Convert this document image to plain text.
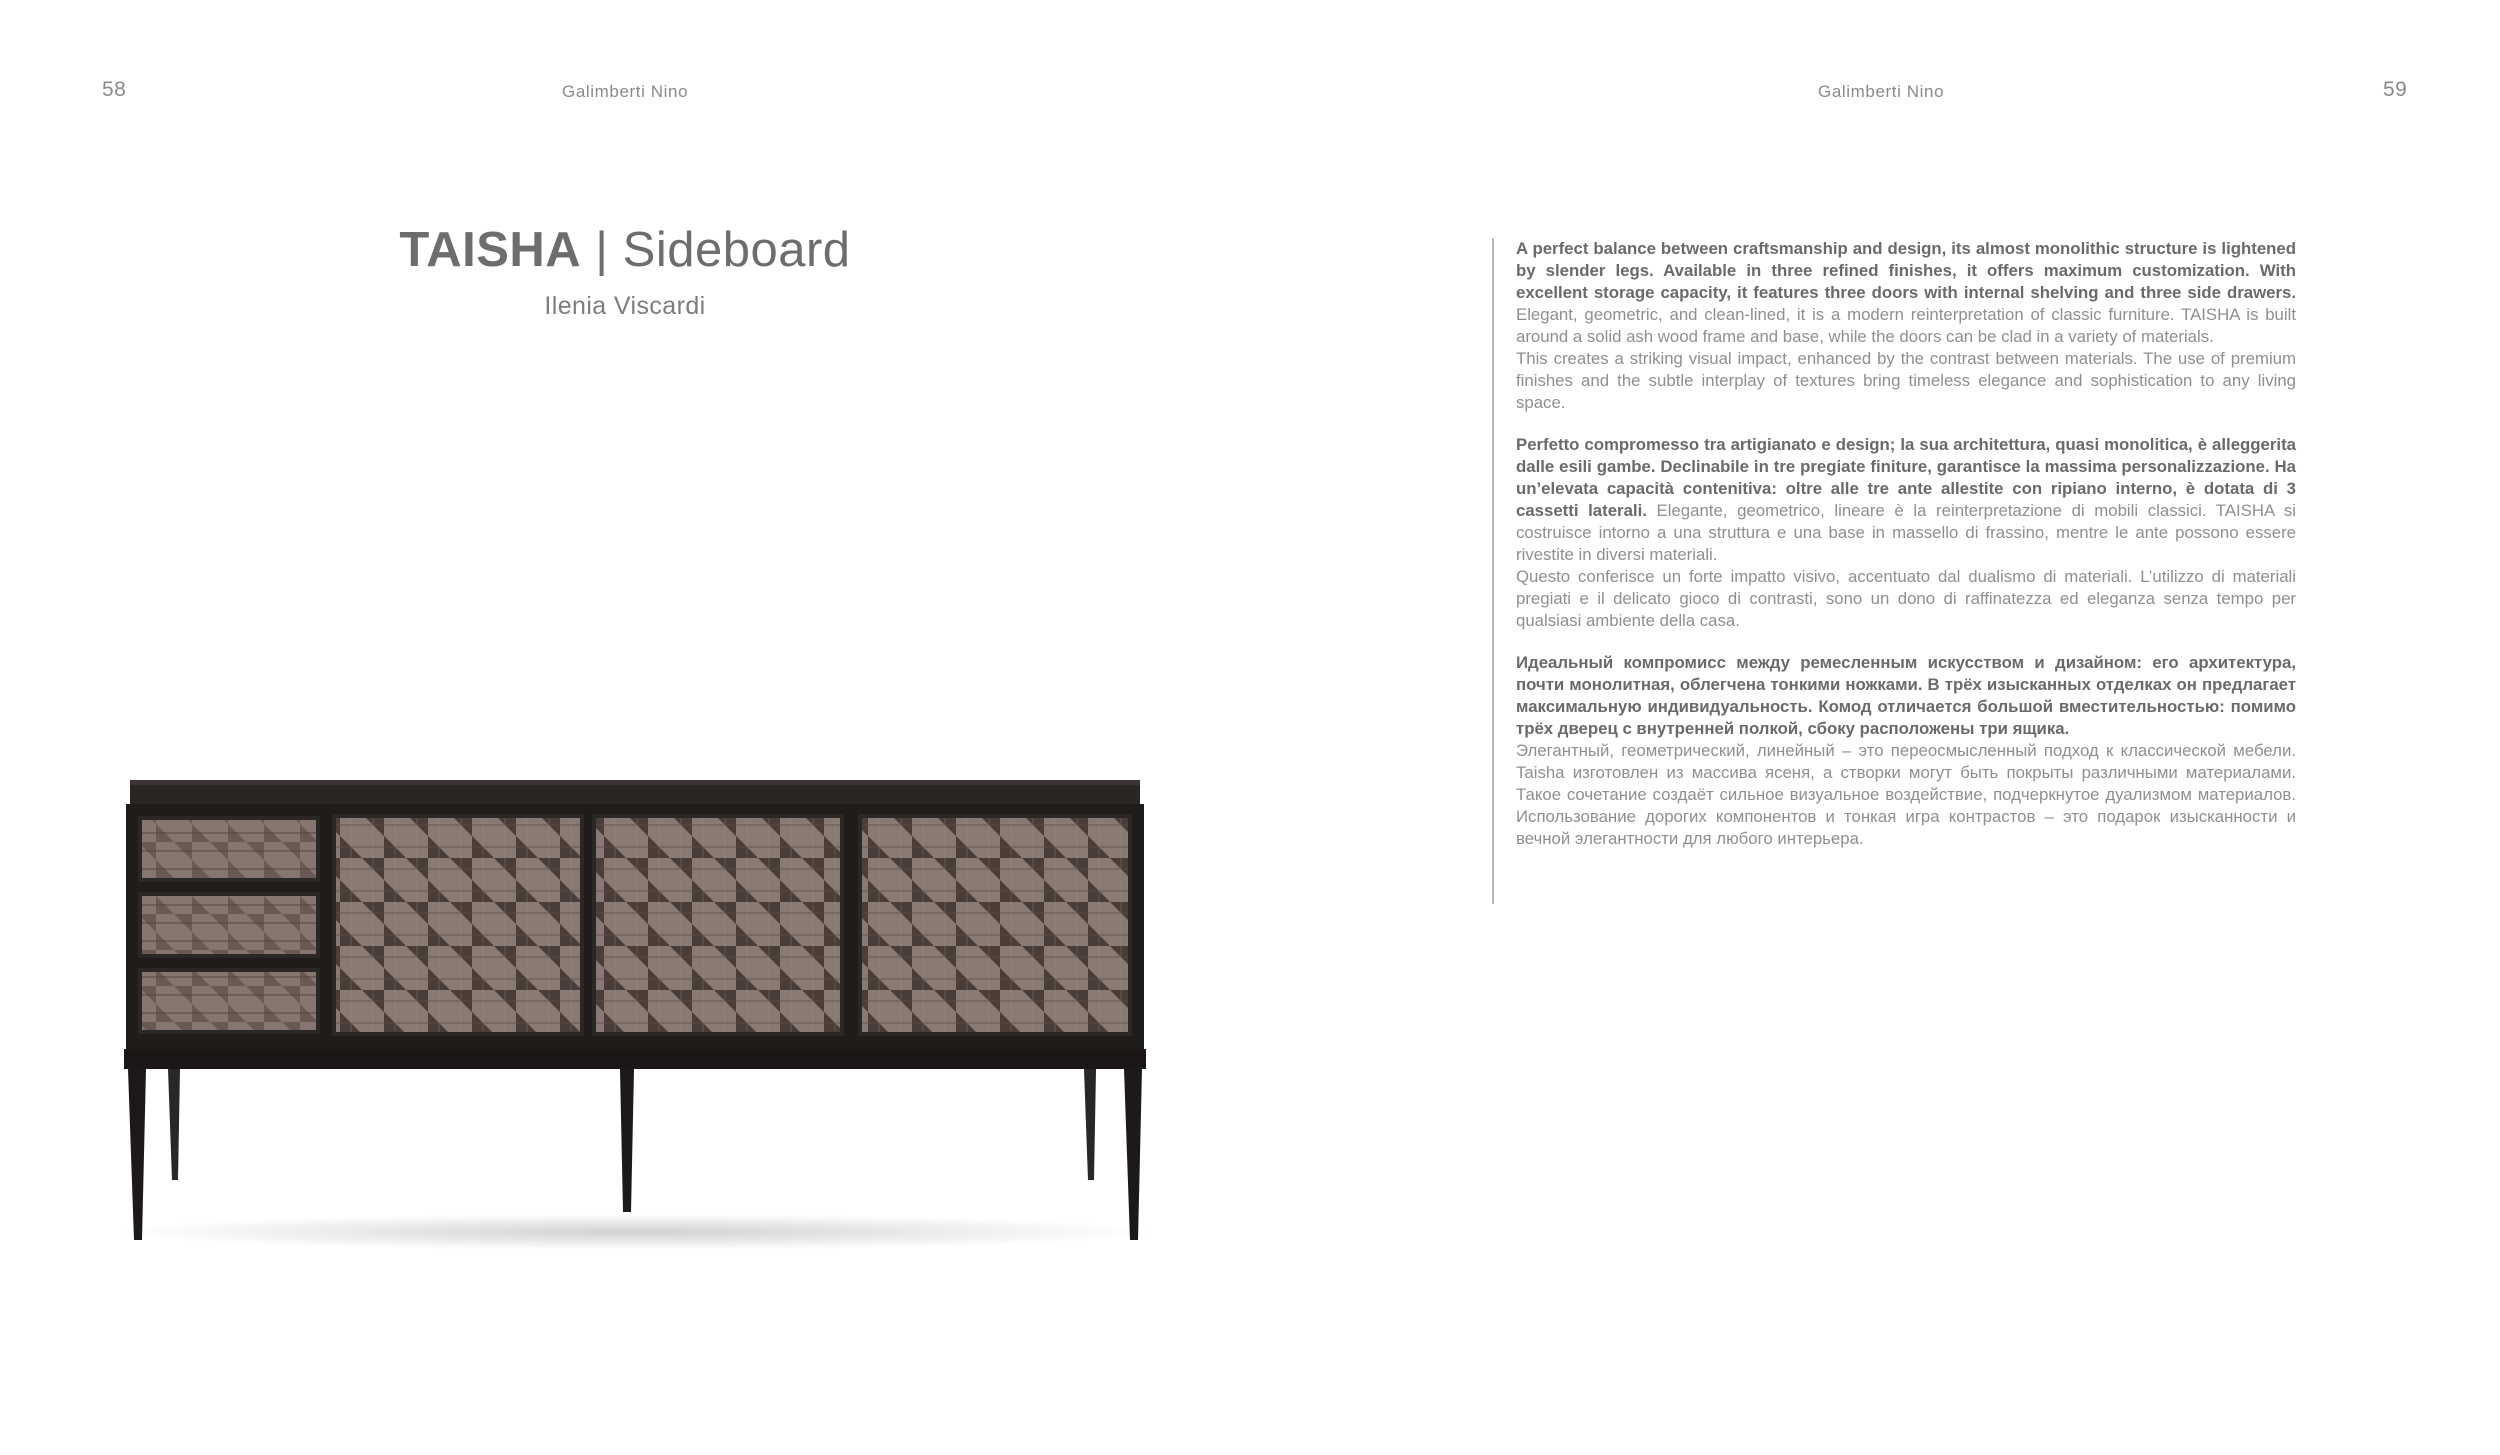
58	Galimberti Nino	Galimberti Nino	59
TAISHA | Sideboard
Ilenia Viscardi

A perfect balance between craftsmanship and design, its almost monolithic structure is lightened by slender legs. Available in three refined finishes, it offers maximum customization. With excellent storage capacity, it features three doors with internal shelving and three side drawers. Elegant, geometric, and clean-lined, it is a modern reinterpretation of classic furniture. TAISHA is built around a solid ash wood frame and base, while the doors can be clad in a variety of materials.
This creates a striking visual impact, enhanced by the contrast between materials. The use of premium finishes and the subtle interplay of textures bring timeless elegance and sophistication to any living space.

Perfetto compromesso tra artigianato e design; la sua architettura, quasi monolitica, è alleggerita dalle esili gambe. Declinabile in tre pregiate finiture, garantisce la massima personalizzazione. Ha un’elevata capacità contenitiva: oltre alle tre ante allestite con ripiano interno, è dotata di 3 cassetti laterali. Elegante, geometrico, lineare è la reinterpretazione di mobili classici. TAISHA si costruisce intorno a una struttura e una base in massello di frassino, mentre le ante possono essere rivestite in diversi materiali.
Questo conferisce un forte impatto visivo, accentuato dal dualismo di materiali. L’utilizzo di materiali pregiati e il delicato gioco di contrasti, sono un dono di raffinatezza ed eleganza senza tempo per qualsiasi ambiente della casa.

Идеальный компромисс между ремесленным искусством и дизайном: его архитектура, почти монолитная, облегчена тонкими ножками. В трёх изысканных отделках он предлагает максимальную индивидуальность. Комод отличается большой вместительностью: помимо трёх дверец с внутренней полкой, сбоку расположены три ящика.
Элегантный, геометрический, линейный – это переосмысленный подход к классической мебели. Taisha изготовлен из массива ясеня, а створки могут быть покрыты различными материалами. Такое сочетание создаёт сильное визуальное воздействие, подчеркнутое дуализмом материалов. Использование дорогих компонентов и тонкая игра контрастов – это подарок изысканности и вечной элегантности для любого интерьера.
